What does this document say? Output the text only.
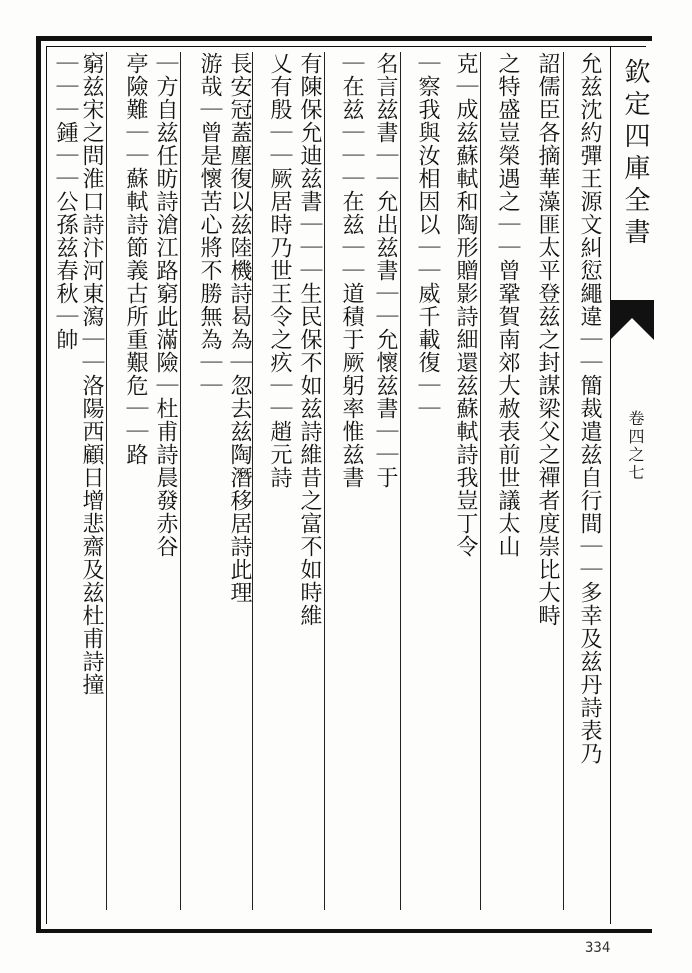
欽定四庫全書
卷四之七
允兹沈約彈王源文糾愆繩違｜｜簡裁遣兹自行間｜｜多幸及兹丹詩表乃
詔儒臣各摘華藻匪太平登兹之封謀梁父之禪者度崇比大畤
之特盛豈榮遇之｜｜曾鞏賀南郊大赦表前世議太山
克｜成兹蘇軾和陶形贈影詩細還兹蘇軾詩我豈丁令
｜察我與汝相因以｜｜威千載復｜｜
名言兹書｜｜允出兹書｜｜允懷兹書｜｜于
｜在兹｜｜｜在兹｜｜道積于厥躬率惟兹書
有陳保允迪兹書｜｜｜生民保不如兹詩維昔之富不如時維
乂有殷｜｜厥居時乃世王令之疚｜｜趙元詩
長安冠蓋塵復以兹陸機詩曷為｜忽去兹陶潛移居詩此理
游哉｜曾是懷苦心將不勝無為｜｜
｜方自兹任昉詩滄江路窮此滿險｜杜甫詩晨發赤谷
亭險難｜｜蘇軾詩節義古所重艱危｜｜路
窮兹宋之問淮口詩汴河東瀉｜｜洛陽西顧日增悲齋及兹杜甫詩撞
｜｜｜鍾｜｜公孫兹春秋｜帥
334
